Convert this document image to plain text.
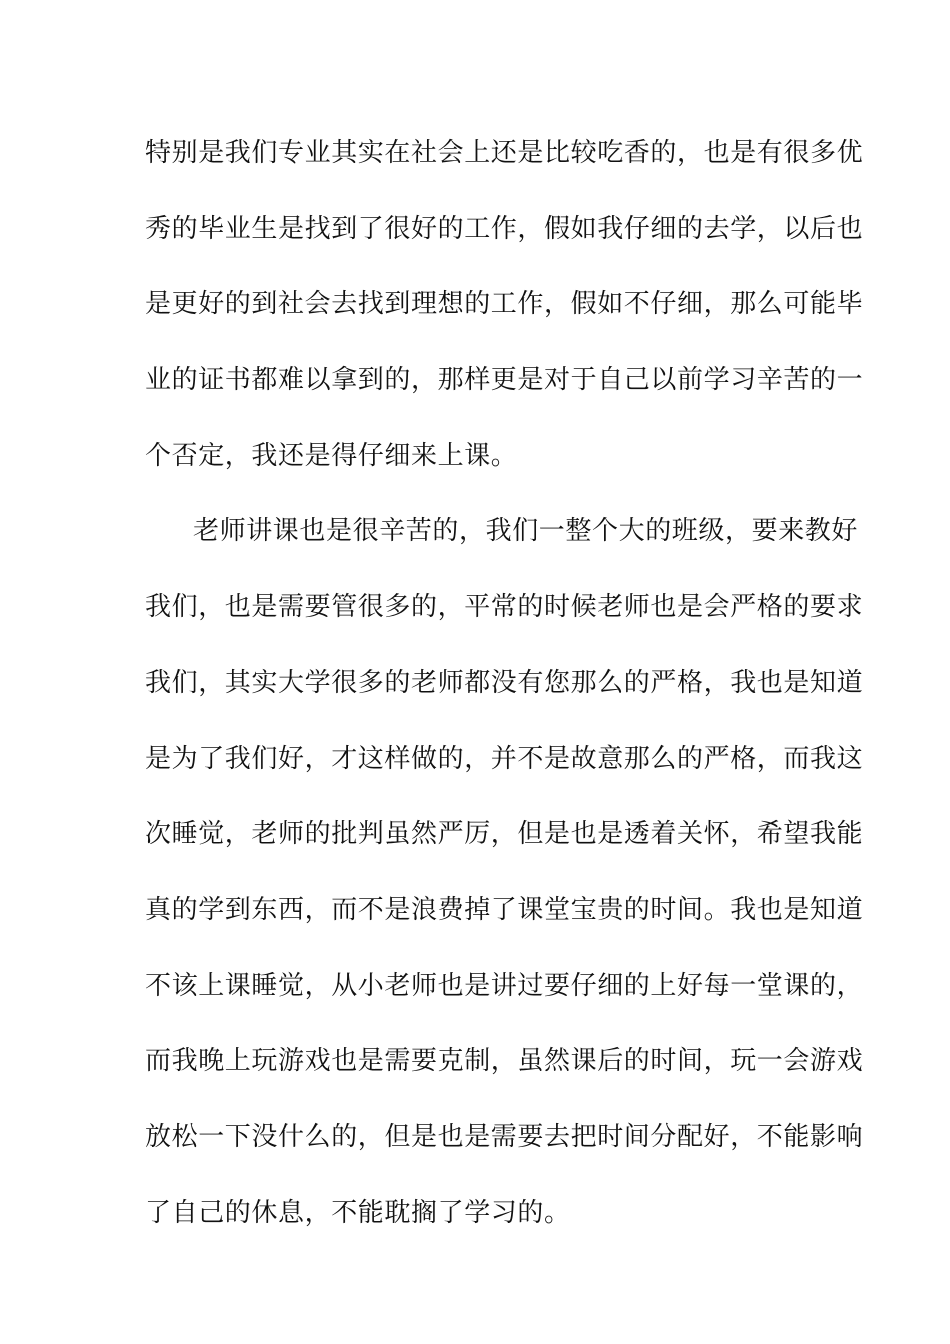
特别是我们专业其实在社会上还是比较吃香的，也是有很多优
秀的毕业生是找到了很好的工作，假如我仔细的去学，以后也
是更好的到社会去找到理想的工作，假如不仔细，那么可能毕
业的证书都难以拿到的，那样更是对于自己以前学习辛苦的一
个否定，我还是得仔细来上课。
老师讲课也是很辛苦的，我们一整个大的班级，要来教好
我们，也是需要管很多的，平常的时候老师也是会严格的要求
我们，其实大学很多的老师都没有您那么的严格，我也是知道
是为了我们好，才这样做的，并不是故意那么的严格，而我这
次睡觉，老师的批判虽然严厉，但是也是透着关怀，希望我能
真的学到东西，而不是浪费掉了课堂宝贵的时间。我也是知道
不该上课睡觉，从小老师也是讲过要仔细的上好每一堂课的，
而我晚上玩游戏也是需要克制，虽然课后的时间，玩一会游戏
放松一下没什么的，但是也是需要去把时间分配好，不能影响
了自己的休息，不能耽搁了学习的。
